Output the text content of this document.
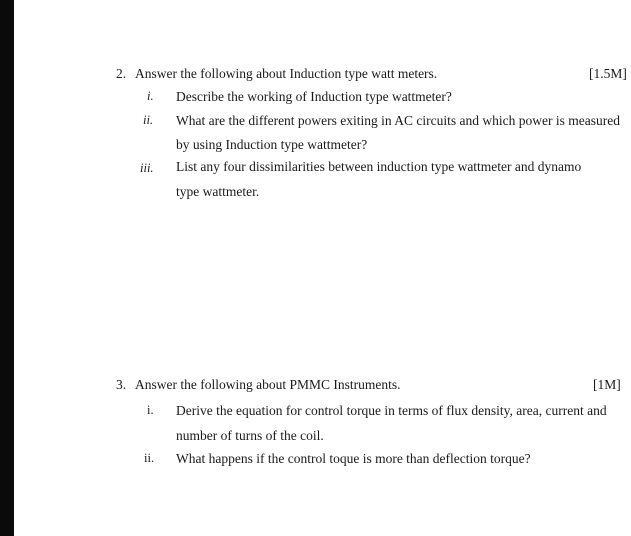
2. Answer the following about Induction type watt meters.	[1.5M]
i. Describe the working of Induction type wattmeter?
ii. What are the different powers exiting in AC circuits and which power is measured
by using Induction type wattmeter?
iii. List any four dissimilarities between induction type wattmeter and dynamo
type wattmeter.
3. Answer the following about PMMC Instruments.	[1M]
i. Derive the equation for control torque in terms of flux density, area, current and
number of turns of the coil.
ii. What happens if the control toque is more than deflection torque?
